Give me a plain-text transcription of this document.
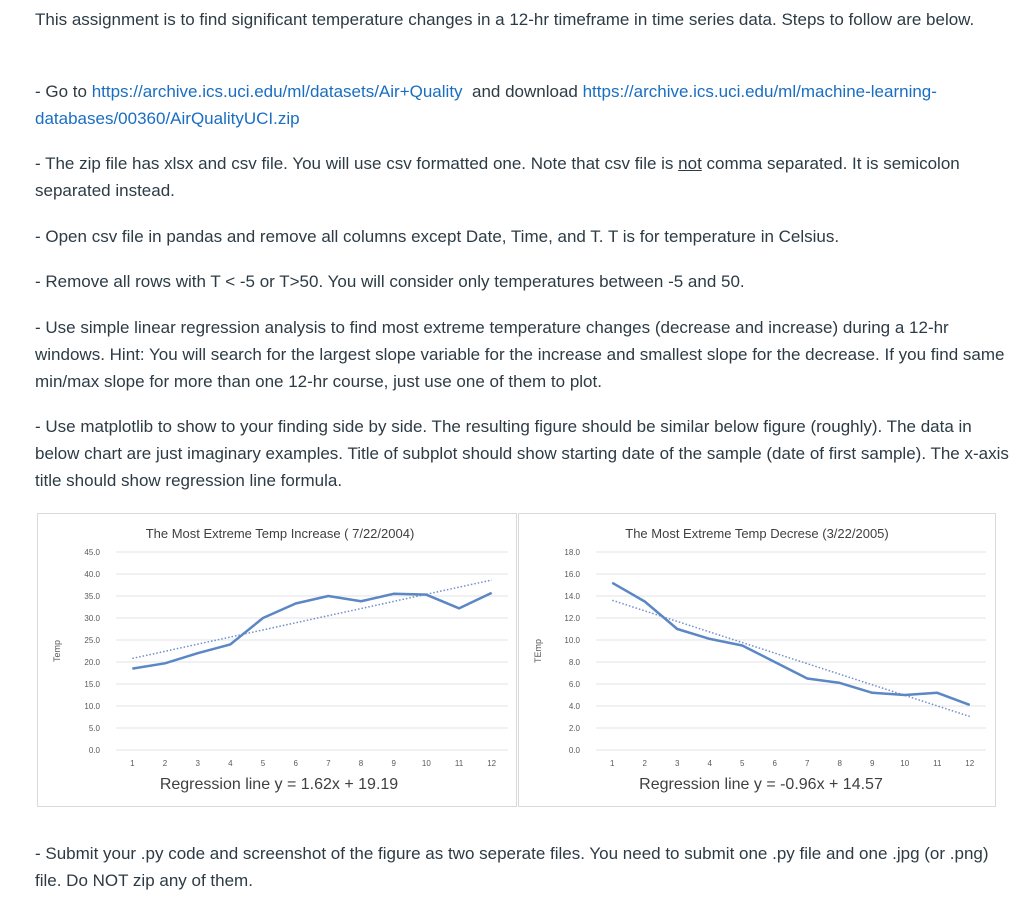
This assignment is to find significant temperature changes in a 12-hr timeframe in time series data. Steps to follow are below.
- Go to https://archive.ics.uci.edu/ml/datasets/Air+Quality  and download https://archive.ics.uci.edu/ml/machine-learning-databases/00360/AirQualityUCI.zip
- The zip file has xlsx and csv file. You will use csv formatted one. Note that csv file is not comma separated. It is semicolon separated instead.
- Open csv file in pandas and remove all columns except Date, Time, and T. T is for temperature in Celsius.
- Remove all rows with T < -5 or T>50. You will consider only temperatures between -5 and 50.
- Use simple linear regression analysis to find most extreme temperature changes (decrease and increase) during a 12-hr windows. Hint: You will search for the largest slope variable for the increase and smallest slope for the decrease. If you find same min/max slope for more than one 12-hr course, just use one of them to plot.
- Use matplotlib to show to your finding side by side. The resulting figure should be similar below figure (roughly). The data in below chart are just imaginary examples. Title of subplot should show starting date of the sample (date of first sample). The x-axis title should show regression line formula.
The Most Extreme Temp Increase ( 7/22/2004)
0.0
5.0
10.0
15.0
20.0
25.0
30.0
35.0
40.0
45.0
1	2	3	4	5	6	7	8	9	10	11	12
Temp
Regression line y = 1.62x + 19.19
The Most Extreme Temp Decrese (3/22/2005)
0.0
2.0
4.0
6.0
8.0
10.0
12.0
14.0
16.0
18.0
1	2	3	4	5	6	7	8	9	10	11	12
TEmp
Regression line y = -0.96x + 14.57
- Submit your .py code and screenshot of the figure as two seperate files. You need to submit one .py file and one .jpg (or .png) file. Do NOT zip any of them.
